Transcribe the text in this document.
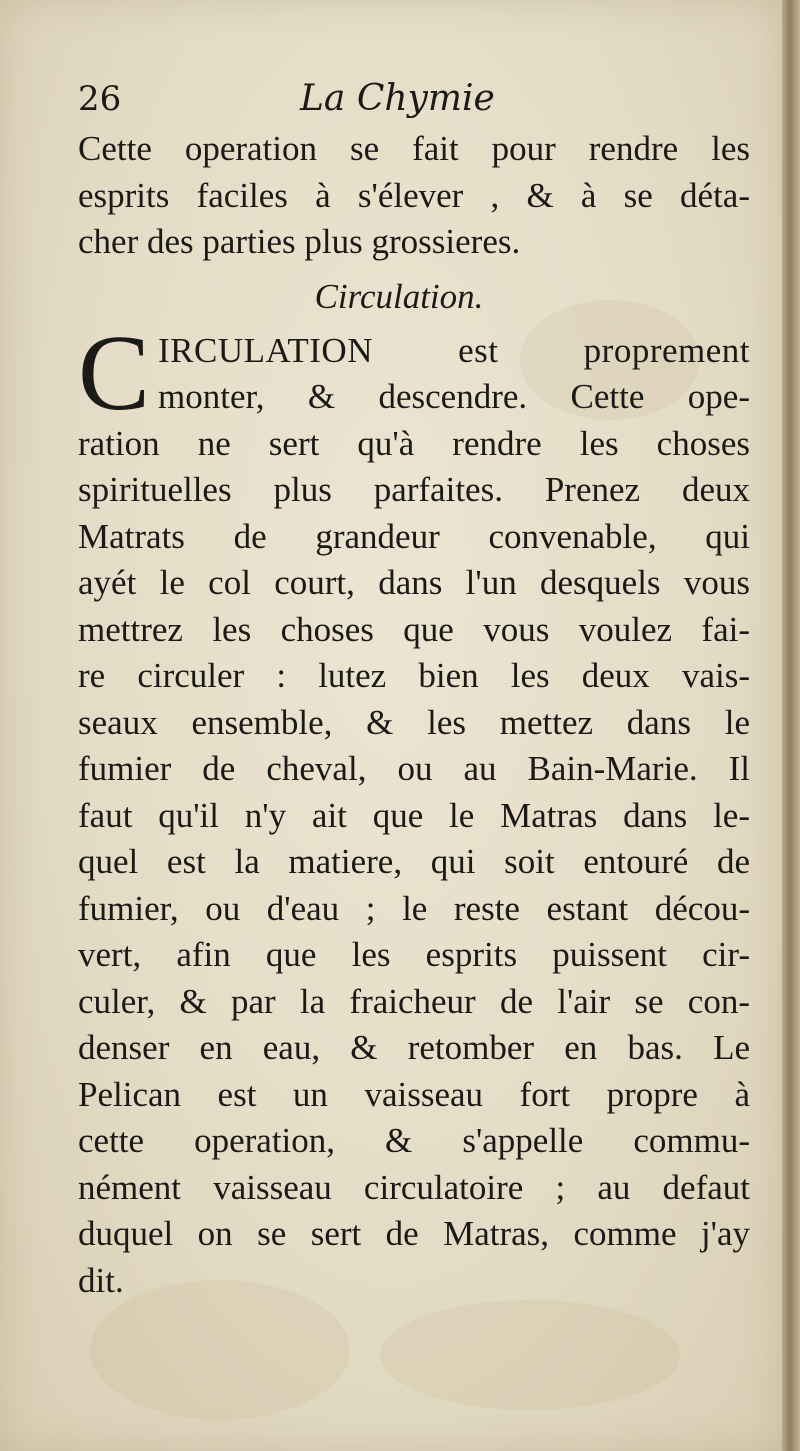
26	La Chymie
Cette operation se fait pour rendre les
esprits faciles à s'élever , & à se déta-
cher des parties plus grossieres.
Circulation.
C IRCULATION est proprement
monter, & descendre. Cette ope-
ration ne sert qu'à rendre les choses
spirituelles plus parfaites. Prenez deux
Matrats de grandeur convenable, qui
ayét le col court, dans l'un desquels vous
mettrez les choses que vous voulez fai-
re circuler : lutez bien les deux vais-
seaux ensemble, & les mettez dans le
fumier de cheval, ou au Bain-Marie. Il
faut qu'il n'y ait que le Matras dans le-
quel est la matiere, qui soit entouré de
fumier, ou d'eau ; le reste estant décou-
vert, afin que les esprits puissent cir-
culer, & par la fraicheur de l'air se con-
denser en eau, & retomber en bas. Le
Pelican est un vaisseau fort propre à
cette operation, & s'appelle commu-
nément vaisseau circulatoire ; au defaut
duquel on se sert de Matras, comme j'ay
dit.
